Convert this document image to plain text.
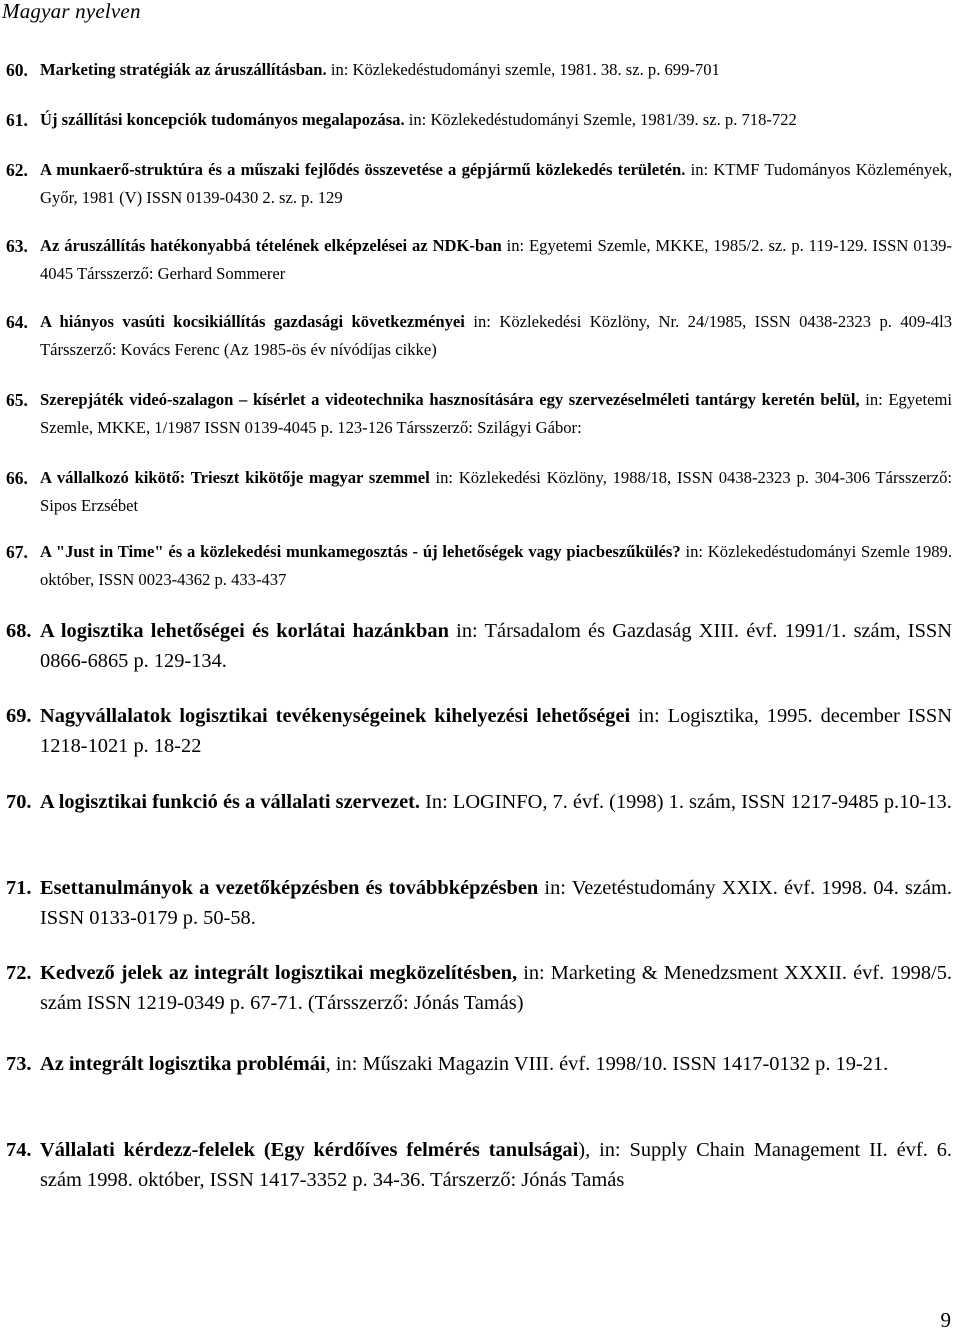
Magyar nyelven
60. Marketing stratégiák az áruszállításban. in: Közlekedéstudományi szemle, 1981. 38. sz. p. 699-701
61. Új szállítási koncepciók tudományos megalapozása. in: Közlekedéstudományi Szemle, 1981/39. sz. p. 718-722
62. A munkaerő-struktúra és a műszaki fejlődés összevetése a gépjármű közlekedés területén. in: KTMF Tudományos Közlemények, Győr, 1981 (V) ISSN 0139-0430 2. sz. p. 129
63. Az áruszállítás hatékonyabbá tételének elképzelései az NDK-ban in: Egyetemi Szemle, MKKE, 1985/2. sz. p. 119-129. ISSN 0139-4045 Társszerző: Gerhard Sommerer
64. A hiányos vasúti kocsikiállítás gazdasági következményei in: Közlekedési Közlöny, Nr. 24/1985, ISSN 0438-2323 p. 409-4l3 Társszerző: Kovács Ferenc (Az 1985-ös év nívódíjas cikke)
65. Szerepjáték videó-szalagon – kísérlet a videotechnika hasznosítására egy szervezéselméleti tantárgy keretén belül, in: Egyetemi Szemle, MKKE, 1/1987 ISSN 0139-4045 p. 123-126 Társszerző: Szilágyi Gábor:
66. A vállalkozó kikötő: Trieszt kikötője magyar szemmel in: Közlekedési Közlöny, 1988/18, ISSN 0438-2323 p. 304-306 Társszerző: Sipos Erzsébet
67. A "Just in Time" és a közlekedési munkamegosztás - új lehetőségek vagy piacbeszűkülés? in: Közlekedéstudományi Szemle 1989. október, ISSN 0023-4362 p. 433-437
68. A logisztika lehetőségei és korlátai hazánkban in: Társadalom és Gazdaság XIII. évf. 1991/1. szám, ISSN 0866-6865 p. 129-134.
69. Nagyvállalatok logisztikai tevékenységeinek kihelyezési lehetőségei in: Logisztika, 1995. december ISSN 1218-1021 p. 18-22
70. A logisztikai funkció és a vállalati szervezet. In: LOGINFO, 7. évf. (1998) 1. szám, ISSN 1217-9485 p.10-13.
71. Esettanulmányok a vezetőképzésben és továbbképzésben in: Vezetéstudomány XXIX. évf. 1998. 04. szám. ISSN 0133-0179 p. 50-58.
72. Kedvező jelek az integrált logisztikai megközelítésben, in: Marketing & Menedzsment XXXII. évf. 1998/5. szám ISSN 1219-0349 p. 67-71. (Társszerző: Jónás Tamás)
73. Az integrált logisztika problémái, in: Műszaki Magazin VIII. évf. 1998/10. ISSN 1417-0132 p. 19-21.
74. Vállalati kérdezz-felelek (Egy kérdőíves felmérés tanulságai), in: Supply Chain Management II. évf. 6. szám 1998. október, ISSN 1417-3352 p. 34-36. Társzerző: Jónás Tamás
9
